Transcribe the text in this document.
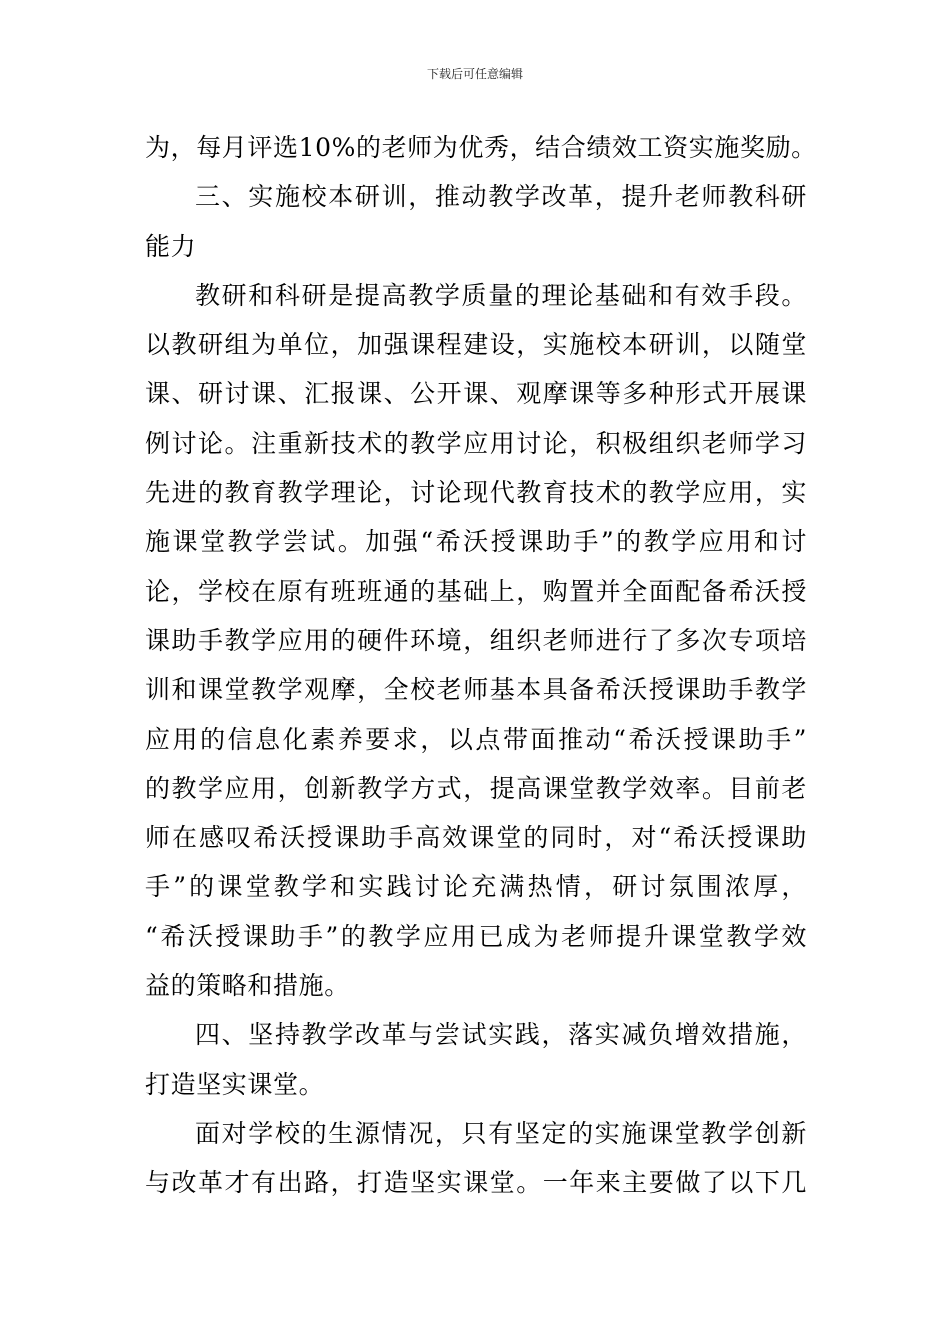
下载后可任意编辑
为，每月评选10%的老师为优秀，结合绩效工资实施奖励。
三、实施校本研训，推动教学改革，提升老师教科研
能力
教研和科研是提高教学质量的理论基础和有效手段。
以教研组为单位，加强课程建设，实施校本研训，以随堂
课、研讨课、汇报课、公开课、观摩课等多种形式开展课
例讨论。注重新技术的教学应用讨论，积极组织老师学习
先进的教育教学理论，讨论现代教育技术的教学应用，实
施课堂教学尝试。加强“希沃授课助手”的教学应用和讨
论，学校在原有班班通的基础上，购置并全面配备希沃授
课助手教学应用的硬件环境，组织老师进行了多次专项培
训和课堂教学观摩，全校老师基本具备希沃授课助手教学
应用的信息化素养要求，以点带面推动“希沃授课助手”
的教学应用，创新教学方式，提高课堂教学效率。目前老
师在感叹希沃授课助手高效课堂的同时，对“希沃授课助
手”的课堂教学和实践讨论充满热情，研讨氛围浓厚，
“希沃授课助手”的教学应用已成为老师提升课堂教学效
益的策略和措施。
四、坚持教学改革与尝试实践，落实减负增效措施，
打造坚实课堂。
面对学校的生源情况，只有坚定的实施课堂教学创新
与改革才有出路，打造坚实课堂。一年来主要做了以下几
